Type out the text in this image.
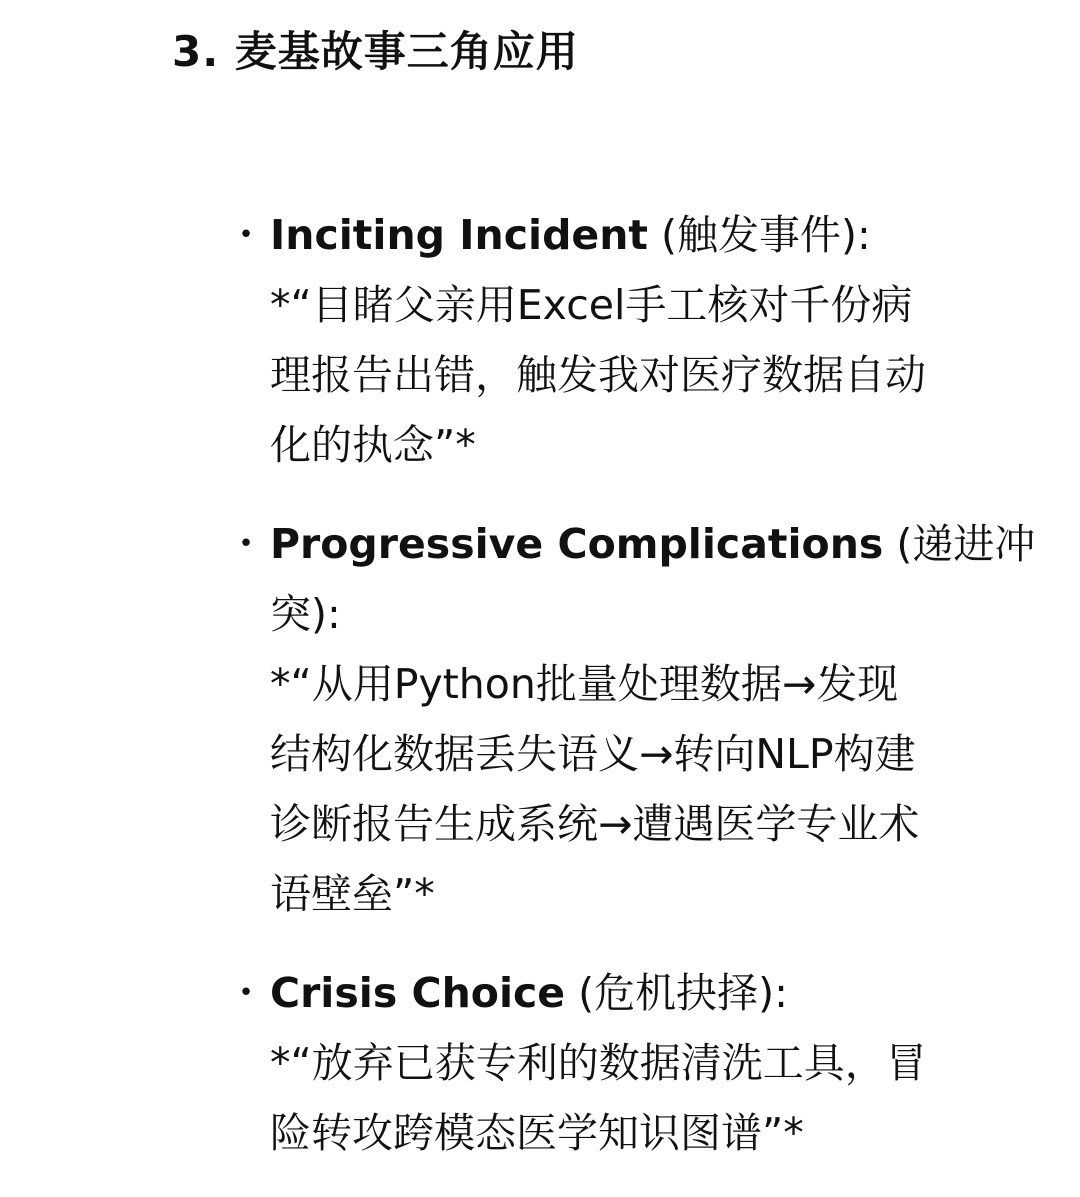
3. 麦基故事三角应用
• Inciting Incident (触发事件):
*“目睹父亲用Excel手工核对千份病
理报告出错，触发我对医疗数据自动
化的执念”*
• Progressive Complications (递进冲
突):
*“从用Python批量处理数据→发现
结构化数据丢失语义→转向NLP构建
诊断报告生成系统→遭遇医学专业术
语壁垒”*
• Crisis Choice (危机抉择):
*“放弃已获专利的数据清洗工具，冒
险转攻跨模态医学知识图谱”*
